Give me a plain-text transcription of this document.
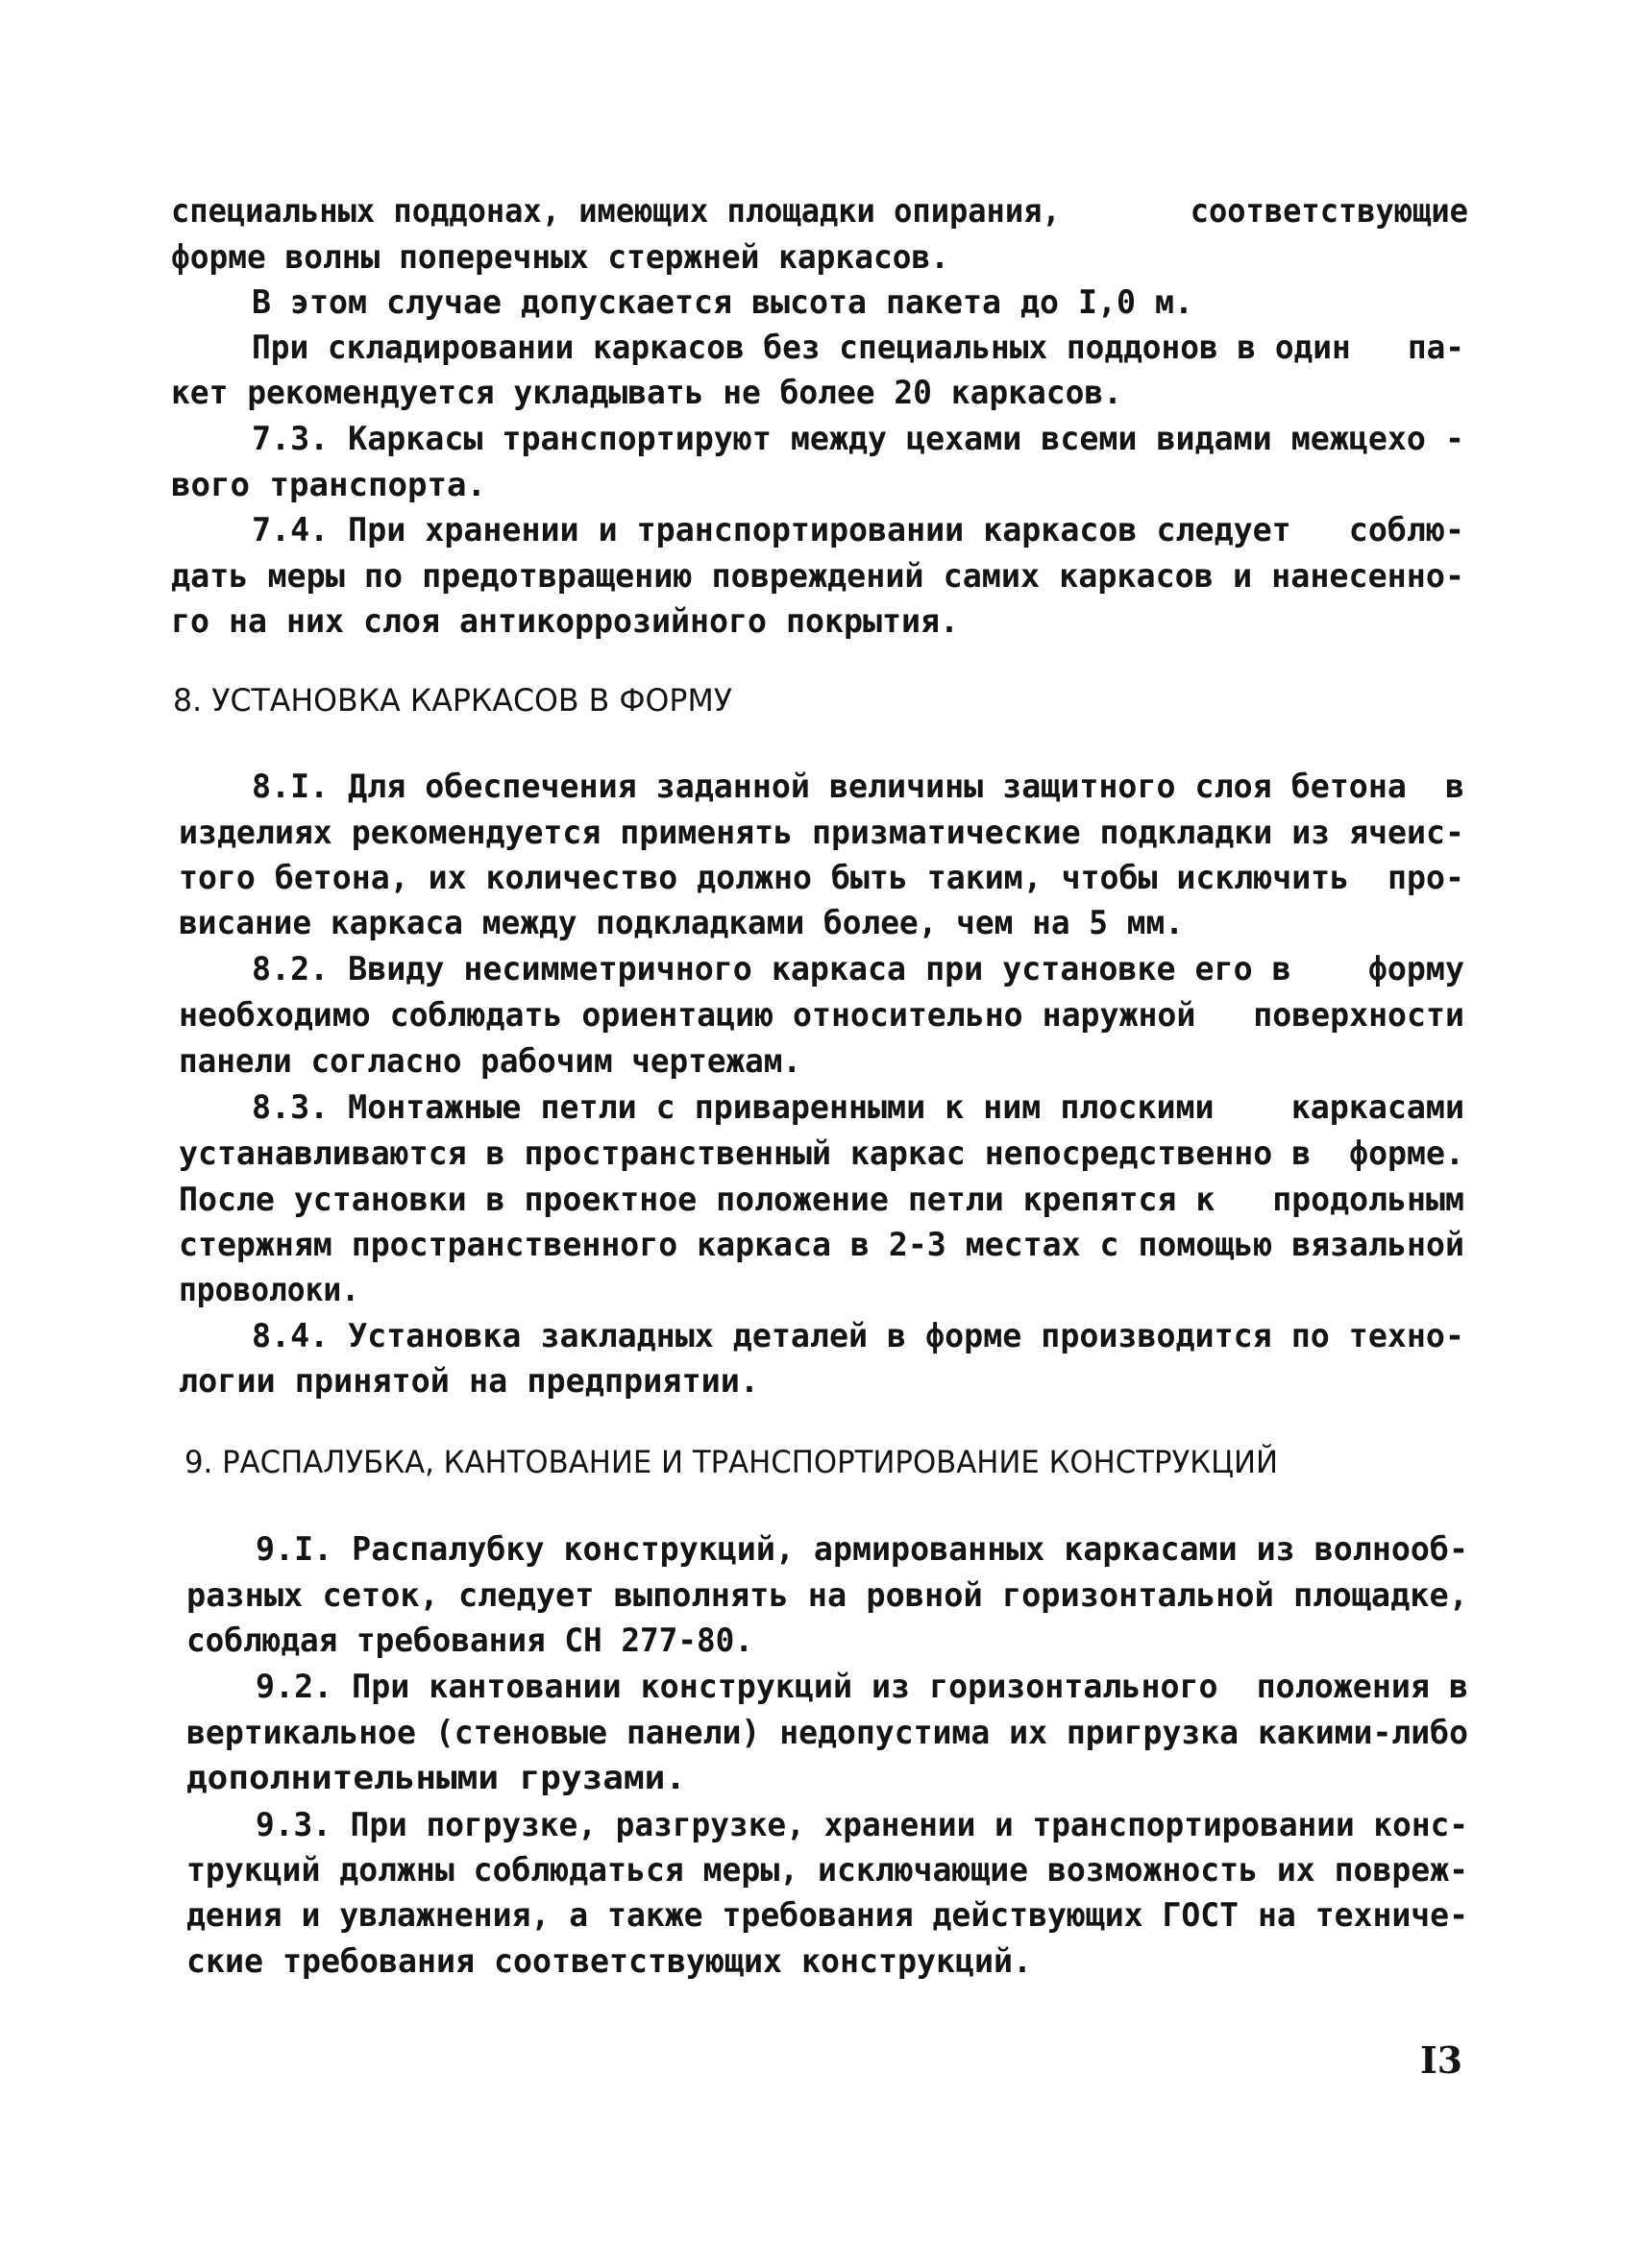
специальных поддонах, имеющих площадки опирания,       соответствующие
форме волны поперечных стержней каркасов.
В этом случае допускается высота пакета до I,0 м.
При складировании каркасов без специальных поддонов в один   па-
кет рекомендуется укладывать не более 20 каркасов.
7.3. Каркасы транспортируют между цехами всеми видами межцехо -
вого транспорта.
7.4. При хранении и транспортировании каркасов следует   соблю-
дать меры по предотвращению повреждений самих каркасов и нанесенно-
го на них слоя антикоррозийного покрытия.
8. УСТАНОВКА КАРКАСОВ В ФОРМУ
8.I. Для обеспечения заданной величины защитного слоя бетона  в
изделиях рекомендуется применять призматические подкладки из ячеис-
того бетона, их количество должно быть таким, чтобы исключить  про-
висание каркаса между подкладками более, чем на 5 мм.
8.2. Ввиду несимметричного каркаса при установке его в    форму
необходимо соблюдать ориентацию относительно наружной   поверхности
панели согласно рабочим чертежам.
8.3. Монтажные петли с приваренными к ним плоскими    каркасами
устанавливаются в пространственный каркас непосредственно в  форме.
После установки в проектное положение петли крепятся к   продольным
стержням пространственного каркаса в 2-3 местах с помощью вязальной
проволоки.
8.4. Установка закладных деталей в форме производится по техно-
логии принятой на предприятии.
9. РАСПАЛУБКА, КАНТОВАНИЕ И ТРАНСПОРТИРОВАНИЕ КОНСТРУКЦИЙ
9.I. Распалубку конструкций, армированных каркасами из волнооб-
разных сеток, следует выполнять на ровной горизонтальной площадке,
соблюдая требования СН 277-80.
9.2. При кантовании конструкций из горизонтального  положения в
вертикальное (стеновые панели) недопустима их пригрузка какими-либо
дополнительными грузами.
9.3. При погрузке, разгрузке, хранении и транспортировании конс-
трукций должны соблюдаться меры, исключающие возможность их повреж-
дения и увлажнения, а также требования действующих ГОСТ на техниче-
ские требования соответствующих конструкций.
I3
